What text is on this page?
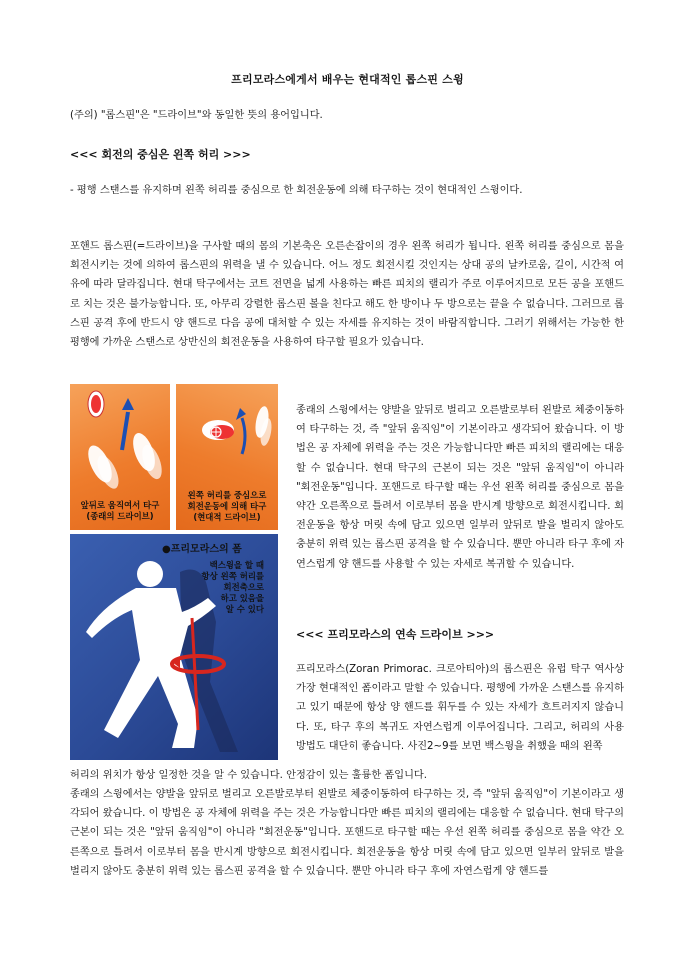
프리모라스에게서 배우는 현대적인 롭스핀 스윙

(주의) "롭스핀"은 "드라이브"와 동일한 뜻의 용어입니다.

<<< 회전의 중심은 왼쪽 허리 >>>

- 평행 스탠스를 유지하며 왼쪽 허리를 중심으로 한 회전운동에 의해 타구하는 것이 현대적인 스윙이다.

포핸드 롭스핀(=드라이브)을 구사할 때의 몸의 기본축은 오른손잡이의 경우 왼쪽 허리가 됩니다. 왼쪽 허리를 중심으로 몸을 회전시키는 것에 의하여 롭스핀의 위력을 낼 수 있습니다. 어느 정도 회전시킬 것인지는 상대 공의 날카로움, 길이, 시간적 여유에 따라 달라집니다. 현대 탁구에서는 코트 전면을 넓게 사용하는 빠른 피치의 랠리가 주로 이루어지므로 모든 공을 포핸드로 치는 것은 불가능합니다. 또, 아무리 강렬한 롭스핀 볼을 친다고 해도 한 방이나 두 방으로는 끝을 수 없습니다. 그러므로 롭스핀 공격 후에 반드시 양 핸드로 다음 공에 대처할 수 있는 자세를 유지하는 것이 바람직합니다. 그러기 위해서는 가능한 한 평행에 가까운 스탠스로 상반신의 회전운동을 사용하여 타구할 필요가 있습니다.

앞뒤로 움직여서 타구
(종래의 드라이브)
왼쪽 허리를 중심으로
회전운동에 의해 타구
(현대적 드라이브)
●프리모라스의 폼
백스윙을 할 때
항상 왼쪽 허리를
회전축으로
하고 있음을
알 수 있다

종래의 스윙에서는 양발을 앞뒤로 벌리고 오른발로부터 왼발로 체중이동하여 타구하는 것, 즉 "앞뒤 움직임"이 기본이라고 생각되어 왔습니다. 이 방법은 공 자체에 위력을 주는 것은 가능합니다만 빠른 피치의 랠리에는 대응할 수 없습니다. 현대 탁구의 근본이 되는 것은 "앞뒤 움직임"이 아니라 "회전운동"입니다. 포핸드로 타구할 때는 우선 왼쪽 허리를 중심으로 몸을 약간 오른쪽으로 틀려서 이로부터 몸을 반시계 방향으로 회전시킵니다. 회전운동을 항상 머릿 속에 담고 있으면 일부러 앞뒤로 발을 벌리지 않아도 충분히 위력 있는 롭스핀 공격을 할 수 있습니다. 뿐만 아니라 타구 후에 자연스럽게 양 핸드를 사용할 수 있는 자세로 복귀할 수 있습니다.

<<< 프리모라스의 연속 드라이브 >>>

프리모라스(Zoran Primorac. 크로아티아)의 롭스핀은 유럽 탁구 역사상 가장 현대적인 폼이라고 말할 수 있습니다. 평행에 가까운 스탠스를 유지하고 있기 때문에 항상 양 핸드를 휘두를 수 있는 자세가 흐트러지지 않습니다. 또, 타구 후의 복귀도 자연스럽게 이루어집니다. 그리고, 허리의 사용 방법도 대단히 좋습니다. 사진2~9를 보면 백스윙을 취했을 때의 왼쪽

허리의 위치가 항상 일정한 것을 알 수 있습니다. 안정감이 있는 훌륭한 폼입니다.

종래의 스윙에서는 양발을 앞뒤로 벌리고 오른발로부터 왼발로 체중이동하여 타구하는 것, 즉 "앞뒤 움직임"이 기본이라고 생각되어 왔습니다. 이 방법은 공 자체에 위력을 주는 것은 가능합니다만 빠른 피치의 랠리에는 대응할 수 없습니다. 현대 탁구의 근본이 되는 것은 "앞뒤 움직임"이 아니라 "회전운동"입니다. 포핸드로 타구할 때는 우선 왼쪽 허리를 중심으로 몸을 약간 오른쪽으로 틀려서 이로부터 몸을 반시계 방향으로 회전시킵니다. 회전운동을 항상 머릿 속에 담고 있으면 일부러 앞뒤로 발을 벌리지 않아도 충분히 위력 있는 롭스핀 공격을 할 수 있습니다. 뿐만 아니라 타구 후에 자연스럽게 양 핸드를
